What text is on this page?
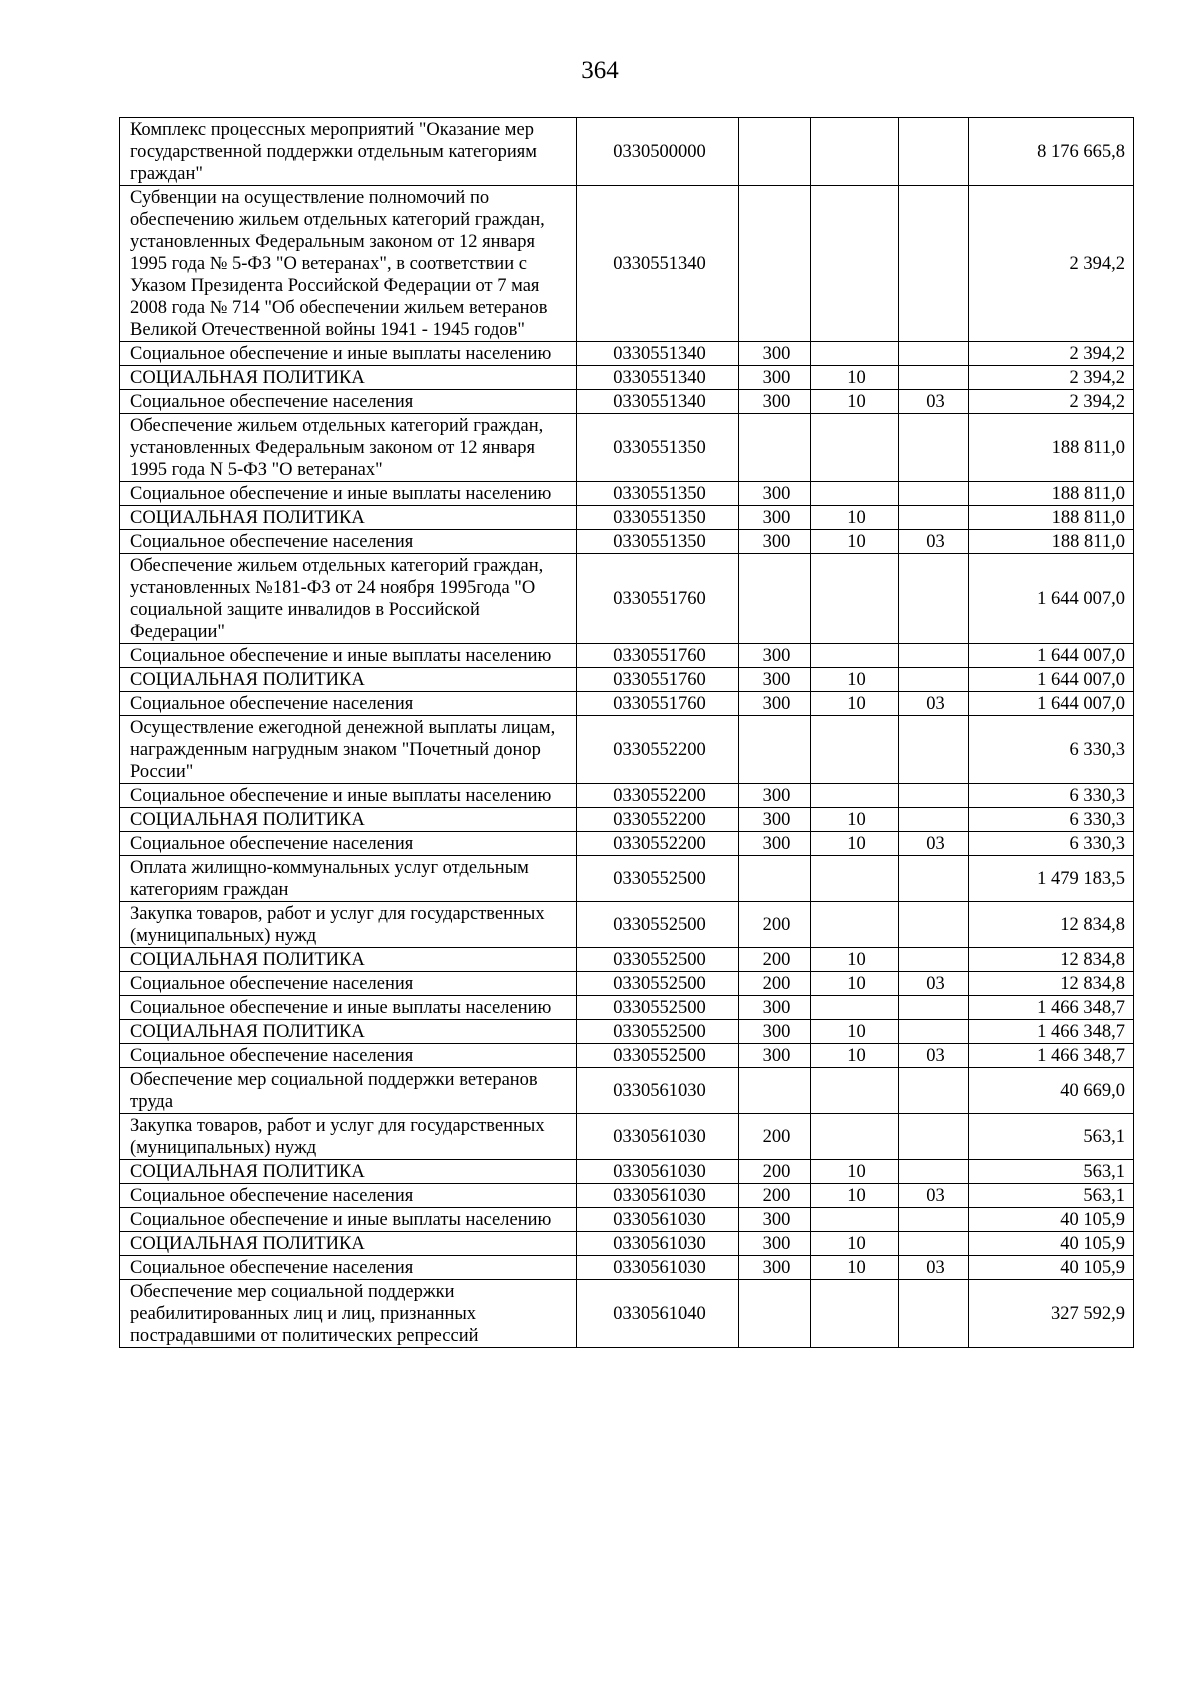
364
Комплекс процессных мероприятий "Оказание мер государственной поддержки отдельным категориям граждан"	0330500000				8 176 665,8
Субвенции на осуществление полномочий по обеспечению жильем отдельных категорий граждан, установленных Федеральным законом от 12 января 1995 года № 5-ФЗ "О ветеранах", в соответствии с Указом Президента Российской Федерации от 7 мая 2008 года № 714 "Об обеспечении жильем ветеранов Великой Отечественной войны 1941 - 1945 годов"	0330551340				2 394,2
Социальное обеспечение и иные выплаты населению	0330551340	300			2 394,2
СОЦИАЛЬНАЯ ПОЛИТИКА	0330551340	300	10		2 394,2
Социальное обеспечение населения	0330551340	300	10	03	2 394,2
Обеспечение жильем отдельных категорий граждан, установленных Федеральным законом от 12 января 1995 года N 5-ФЗ "О ветеранах"	0330551350				188 811,0
Социальное обеспечение и иные выплаты населению	0330551350	300			188 811,0
СОЦИАЛЬНАЯ ПОЛИТИКА	0330551350	300	10		188 811,0
Социальное обеспечение населения	0330551350	300	10	03	188 811,0
Обеспечение жильем отдельных категорий граждан, установленных №181-ФЗ от 24 ноября 1995года "О социальной защите инвалидов в Российской Федерации"	0330551760				1 644 007,0
Социальное обеспечение и иные выплаты населению	0330551760	300			1 644 007,0
СОЦИАЛЬНАЯ ПОЛИТИКА	0330551760	300	10		1 644 007,0
Социальное обеспечение населения	0330551760	300	10	03	1 644 007,0
Осуществление ежегодной денежной выплаты лицам, награжденным нагрудным знаком "Почетный донор России"	0330552200				6 330,3
Социальное обеспечение и иные выплаты населению	0330552200	300			6 330,3
СОЦИАЛЬНАЯ ПОЛИТИКА	0330552200	300	10		6 330,3
Социальное обеспечение населения	0330552200	300	10	03	6 330,3
Оплата жилищно-коммунальных услуг отдельным категориям граждан	0330552500				1 479 183,5
Закупка товаров, работ и услуг для государственных (муниципальных) нужд	0330552500	200			12 834,8
СОЦИАЛЬНАЯ ПОЛИТИКА	0330552500	200	10		12 834,8
Социальное обеспечение населения	0330552500	200	10	03	12 834,8
Социальное обеспечение и иные выплаты населению	0330552500	300			1 466 348,7
СОЦИАЛЬНАЯ ПОЛИТИКА	0330552500	300	10		1 466 348,7
Социальное обеспечение населения	0330552500	300	10	03	1 466 348,7
Обеспечение мер социальной поддержки ветеранов труда	0330561030				40 669,0
Закупка товаров, работ и услуг для государственных (муниципальных) нужд	0330561030	200			563,1
СОЦИАЛЬНАЯ ПОЛИТИКА	0330561030	200	10		563,1
Социальное обеспечение населения	0330561030	200	10	03	563,1
Социальное обеспечение и иные выплаты населению	0330561030	300			40 105,9
СОЦИАЛЬНАЯ ПОЛИТИКА	0330561030	300	10		40 105,9
Социальное обеспечение населения	0330561030	300	10	03	40 105,9
Обеспечение мер социальной поддержки реабилитированных лиц и лиц, признанных пострадавшими от политических репрессий	0330561040				327 592,9
